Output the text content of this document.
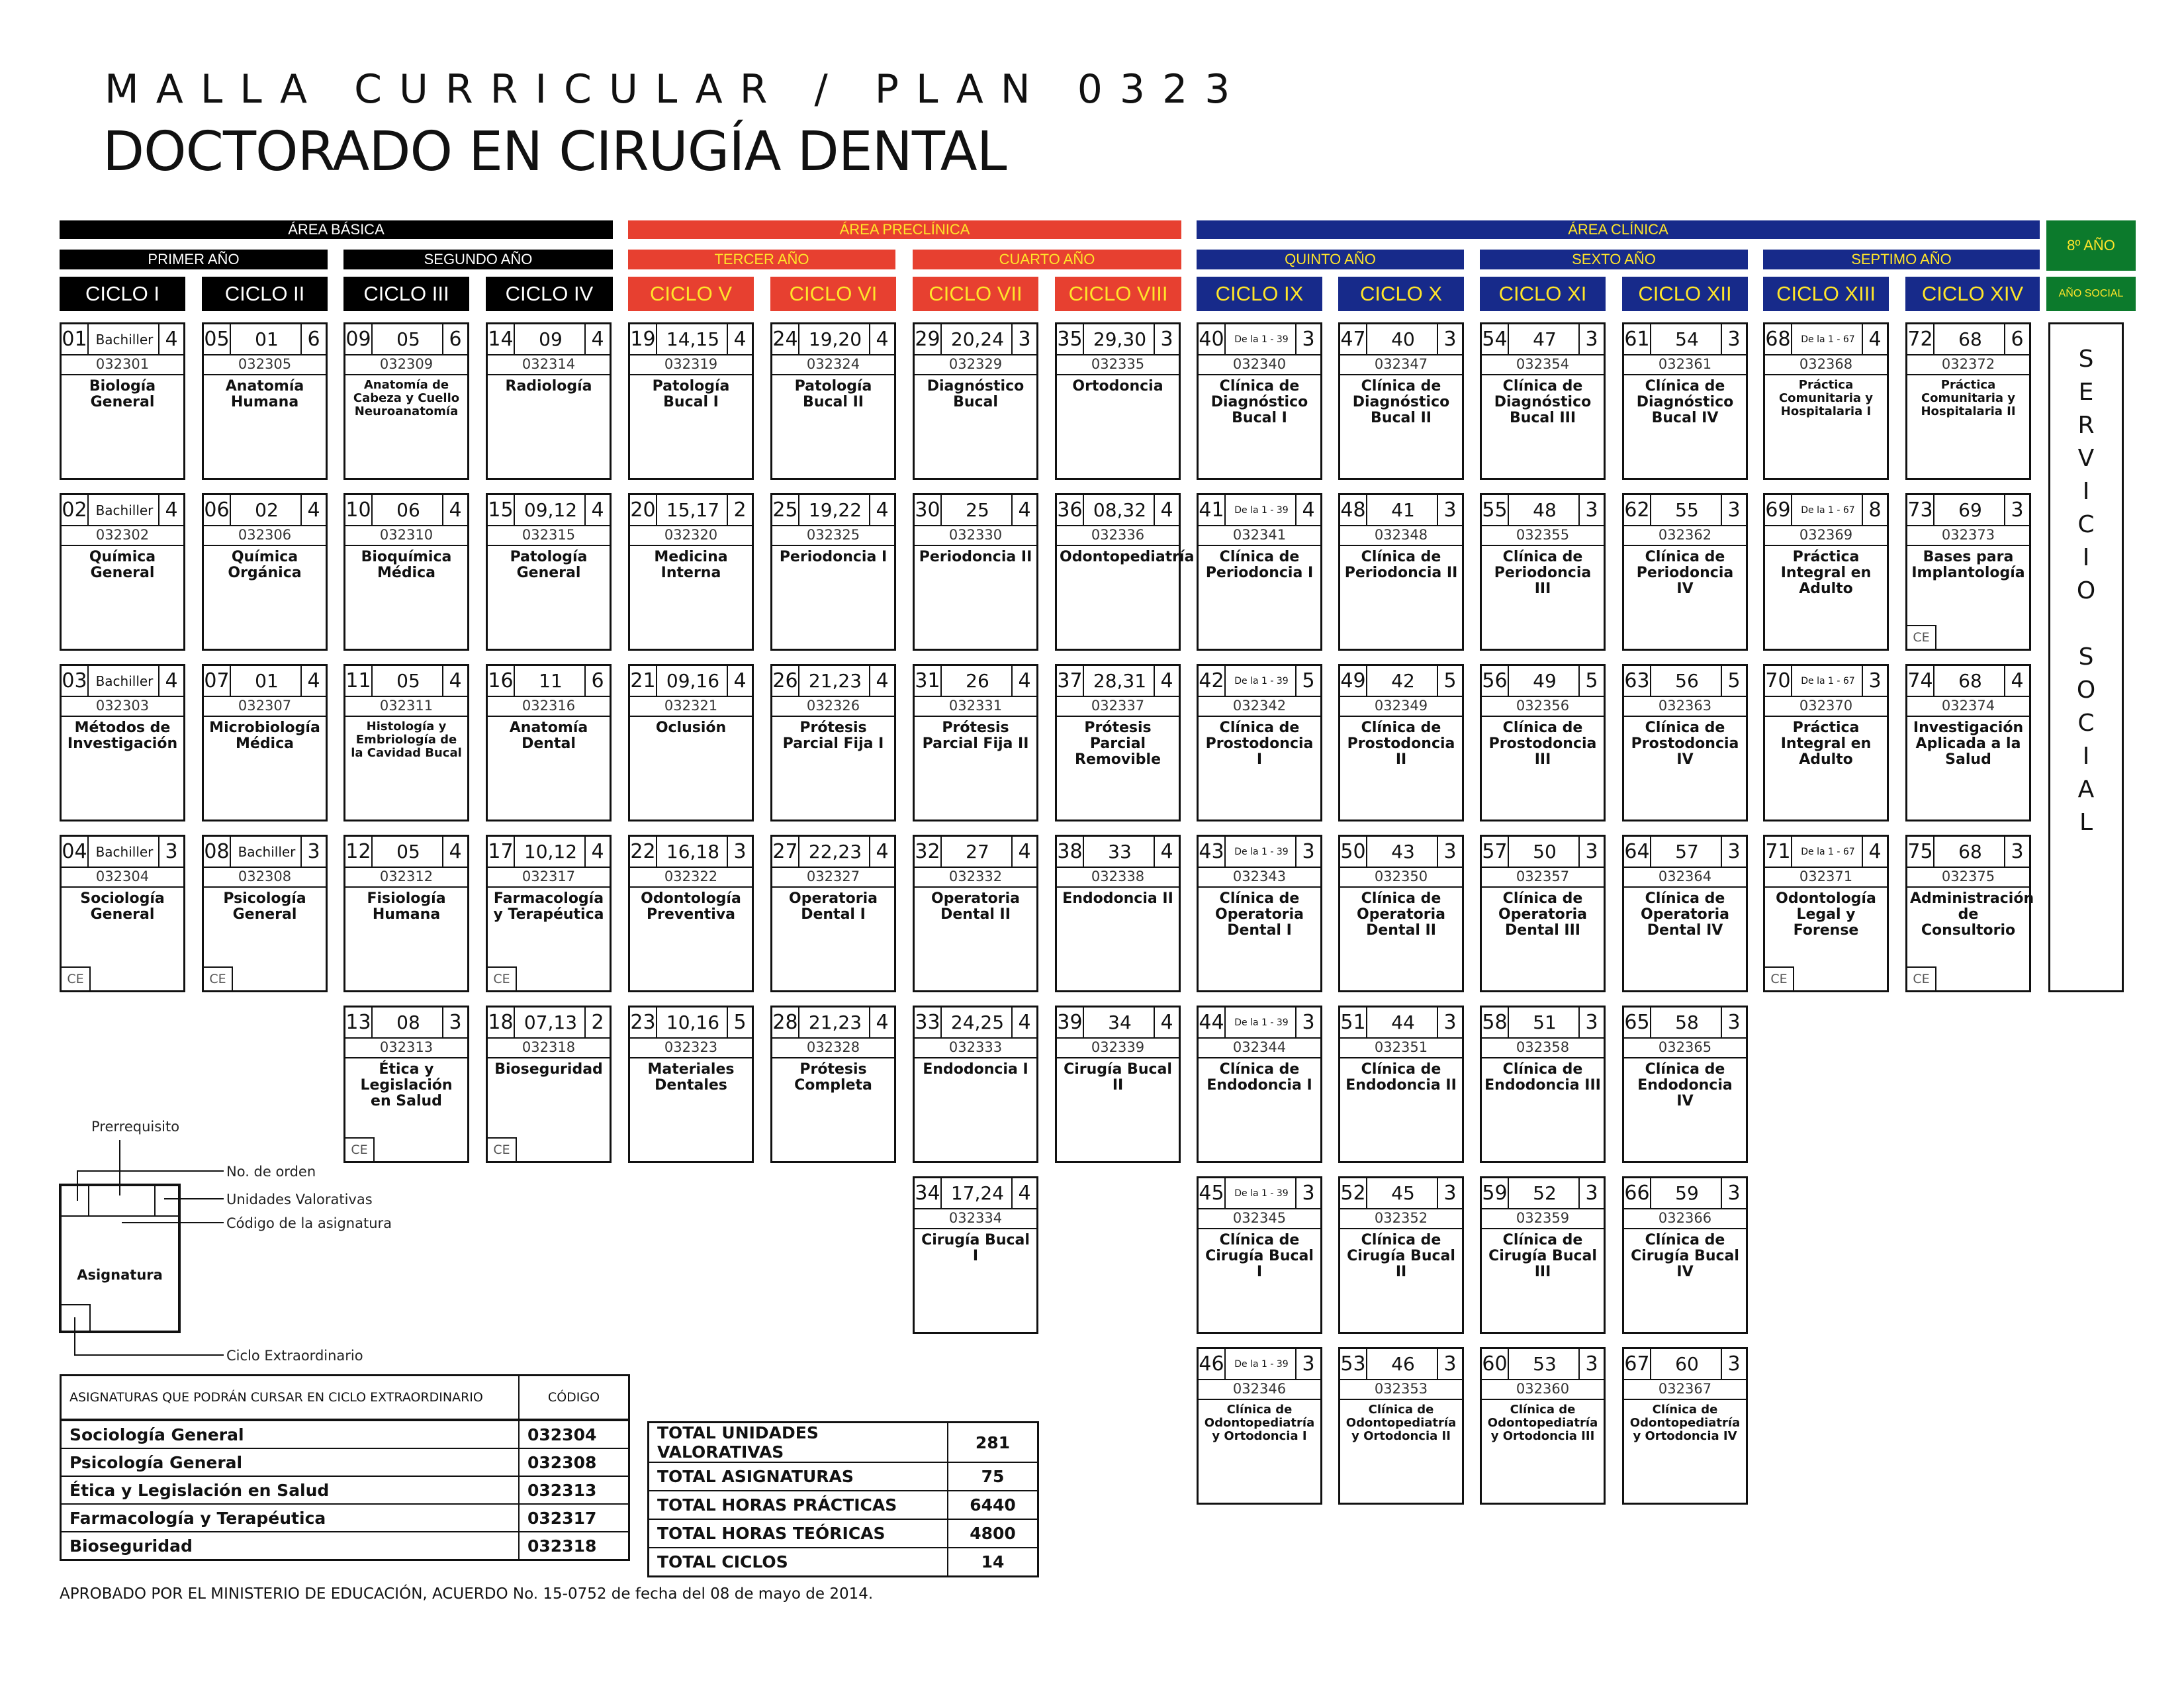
MALLA CURRICULAR / PLAN 0323
DOCTORADO EN CIRUGÍA DENTAL
ÁREA BÁSICA	ÁREA PRECLÍNICA	ÁREA CLÍNICA
8º AÑO
PRIMER AÑO	SEGUNDO AÑO	TERCER AÑO	CUARTO AÑO	QUINTO AÑO	SEXTO AÑO	SEPTIMO AÑO
CICLO I	CICLO II	CICLO III	CICLO IV	CICLO V	CICLO VI	CICLO VII	CICLO VIII	CICLO IX	CICLO X	CICLO XI	CICLO XII	CICLO XIII	CICLO XIV	AÑO SOCIAL
01 Bachiller 4
032301
Biología General
02 Bachiller 4
032302
Química General
03 Bachiller 4
032303
Métodos de Investigación
04 Bachiller 3
032304
Sociología General
CE
05	01	6
032305
Anatomía Humana
06	02	4
032306
Química Orgánica
07	01	4
032307
Microbiología Médica
08 Bachiller 3
032308
Psicología General
CE
09	05	6
032309
Anatomía de Cabeza y Cuello Neuroanatomía
10	06	4
032310
Bioquímica Médica
11	05	4
032311
Histología y Embriología de la Cavidad Bucal
12	05	4
032312
Fisiología Humana
13	08	3
032313
Ética y Legislación en Salud
CE
14	09	4
032314
Radiología
15 09,12 4
032315
Patología General
16	11	6
032316
Anatomía Dental
17 10,12 4
032317
Farmacología y Terapéutica
CE
18 07,13 2
032318
Bioseguridad
CE
19 14,15 4
032319
Patología Bucal I
20 15,17 2
032320
Medicina Interna
21 09,16 4
032321
Oclusión
22 16,18 3
032322
Odontología Preventiva
23 10,16 5
032323
Materiales Dentales
24 19,20 4
032324
Patología Bucal II
25 19,22 4
032325
Periodoncia I
26 21,23 4
032326
Prótesis Parcial Fija I
27 22,23 4
032327
Operatoria Dental I
28 21,23 4
032328
Prótesis Completa
29 20,24 3
032329
Diagnóstico Bucal
30	25	4
032330
Periodoncia II
31	26	4
032331
Prótesis Parcial Fija II
32	27	4
032332
Operatoria Dental II
33 24,25 4
032333
Endodoncia I
34 17,24 4
032334
Cirugía Bucal I
35 29,30 3
032335
Ortodoncia
36 08,32 4
032336
Odontopediatría
37 28,31 4
032337
Prótesis Parcial Removible
38	33	4
032338
Endodoncia II
39	34	4
032339
Cirugía Bucal II
40	De la 1 - 39 3
032340
Clínica de Diagnóstico Bucal I
41	De la 1 - 39 4
032341
Clínica de Periodoncia I
42	De la 1 - 39 5
032342
Clínica de Prostodoncia I
43	De la 1 - 39 3
032343
Clínica de Operatoria Dental I
44	De la 1 - 39 3
032344
Clínica de Endodoncia I
45	De la 1 - 39 3
032345
Clínica de Cirugía Bucal I
46	De la 1 - 39 3
032346
Clínica de Odontopediatría y Ortodoncia I
47	40	3
032347
Clínica de Diagnóstico Bucal II
48	41	3
032348
Clínica de Periodoncia II
49	42	5
032349
Clínica de Prostodoncia II
50	43	3
032350
Clínica de Operatoria Dental II
51	44	3
032351
Clínica de Endodoncia II
52	45	3
032352
Clínica de Cirugía Bucal II
53	46	3
032353
Clínica de Odontopediatría y Ortodoncia II
54	47	3
032354
Clínica de Diagnóstico Bucal III
55	48	3
032355
Clínica de Periodoncia III
56	49	5
032356
Clínica de Prostodoncia III
57	50	3
032357
Clínica de Operatoria Dental III
58	51	3
032358
Clínica de Endodoncia III
59	52	3
032359
Clínica de Cirugía Bucal III
60	53	3
032360
Clínica de Odontopediatría y Ortodoncia III
61	54	3
032361
Clínica de Diagnóstico Bucal IV
62	55	3
032362
Clínica de Periodoncia IV
63	56	5
032363
Clínica de Prostodoncia IV
64	57	3
032364
Clínica de Operatoria Dental IV
65	58	3
032365
Clínica de Endodoncia IV
66	59	3
032366
Clínica de Cirugía Bucal IV
67	60	3
032367
Clínica de Odontopediatría y Ortodoncia IV
68	De la 1 - 67 4
032368
Práctica Comunitaria y Hospitalaria I
69	De la 1 - 67 8
032369
Práctica Integral en Adulto
70	De la 1 - 67 3
032370
Práctica Integral en Adulto
71	De la 1 - 67 4
032371
Odontología Legal y Forense
CE
72	68	6
032372
Práctica Comunitaria y Hospitalaria II
73	69	3
032373
Bases para Implantología
CE
74	68	4
032374
Investigación Aplicada a la Salud
75	68	3
032375
Administración de Consultorio
CE
S
E
R
V
I
C
I
O
S
O
C
I
A
L
Prerrequisito
No. de orden
Unidades Valorativas
Código de la asignatura
Ciclo Extraordinario
Asignatura
ASIGNATURAS QUE PODRÁN CURSAR EN CICLO EXTRAORDINARIO	CÓDIGO
Sociología General	032304
Psicología General	032308
Ética y Legislación en Salud	032313
Farmacología y Terapéutica	032317
Bioseguridad	032318
TOTAL UNIDADES VALORATIVAS	281
TOTAL ASIGNATURAS	75
TOTAL HORAS PRÁCTICAS	6440
TOTAL HORAS TEÓRICAS	4800
TOTAL CICLOS	14
APROBADO POR EL MINISTERIO DE EDUCACIÓN, ACUERDO No. 15-0752 de fecha del 08 de mayo de 2014.
